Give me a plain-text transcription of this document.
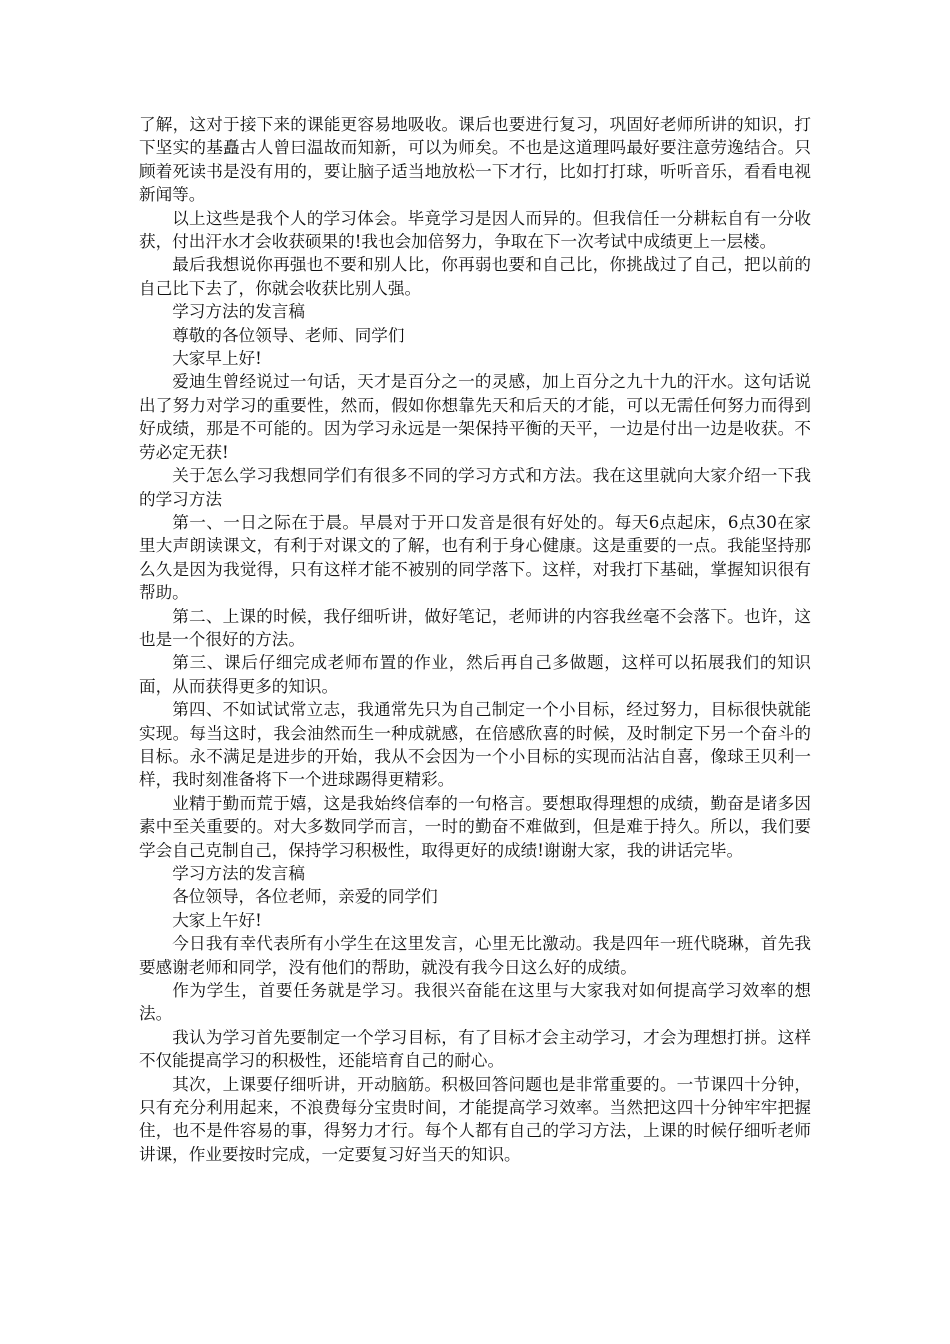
了解，这对于接下来的课能更容易地吸收。课后也要进行复习，巩固好老师所讲的知识，打下坚实的基矗古人曾曰温故而知新，可以为师矣。不也是这道理吗最好要注意劳逸结合。只顾着死读书是没有用的，要让脑子适当地放松一下才行，比如打打球，听听音乐，看看电视新闻等。

以上这些是我个人的学习体会。毕竟学习是因人而异的。但我信任一分耕耘自有一分收获，付出汗水才会收获硕果的!我也会加倍努力，争取在下一次考试中成绩更上一层楼。

最后我想说你再强也不要和别人比，你再弱也要和自己比，你挑战过了自己，把以前的自己比下去了，你就会收获比别人强。

学习方法的发言稿

尊敬的各位领导、老师、同学们

大家早上好!

爱迪生曾经说过一句话，天才是百分之一的灵感，加上百分之九十九的汗水。这句话说出了努力对学习的重要性，然而，假如你想靠先天和后天的才能，可以无需任何努力而得到好成绩，那是不可能的。因为学习永远是一架保持平衡的天平，一边是付出一边是收获。不劳必定无获!

关于怎么学习我想同学们有很多不同的学习方式和方法。我在这里就向大家介绍一下我的学习方法

第一、一日之际在于晨。早晨对于开口发音是很有好处的。每天6点起床，6点30在家里大声朗读课文，有利于对课文的了解，也有利于身心健康。这是重要的一点。我能坚持那么久是因为我觉得，只有这样才能不被别的同学落下。这样，对我打下基础，掌握知识很有帮助。

第二、上课的时候，我仔细听讲，做好笔记，老师讲的内容我丝毫不会落下。也许，这也是一个很好的方法。

第三、课后仔细完成老师布置的作业，然后再自己多做题，这样可以拓展我们的知识面，从而获得更多的知识。

第四、不如试试常立志，我通常先只为自己制定一个小目标，经过努力，目标很快就能实现。每当这时，我会油然而生一种成就感，在倍感欣喜的时候，及时制定下另一个奋斗的目标。永不满足是进步的开始，我从不会因为一个小目标的实现而沾沾自喜，像球王贝利一样，我时刻准备将下一个进球踢得更精彩。

业精于勤而荒于嬉，这是我始终信奉的一句格言。要想取得理想的成绩，勤奋是诸多因素中至关重要的。对大多数同学而言，一时的勤奋不难做到，但是难于持久。所以，我们要学会自己克制自己，保持学习积极性，取得更好的成绩!谢谢大家，我的讲话完毕。

学习方法的发言稿

各位领导，各位老师，亲爱的同学们

大家上午好!

今日我有幸代表所有小学生在这里发言，心里无比激动。我是四年一班代晓琳，首先我要感谢老师和同学，没有他们的帮助，就没有我今日这么好的成绩。

作为学生，首要任务就是学习。我很兴奋能在这里与大家我对如何提高学习效率的想法。

我认为学习首先要制定一个学习目标，有了目标才会主动学习，才会为理想打拼。这样不仅能提高学习的积极性，还能培育自己的耐心。

其次，上课要仔细听讲，开动脑筋。积极回答问题也是非常重要的。一节课四十分钟，只有充分利用起来，不浪费每分宝贵时间，才能提高学习效率。当然把这四十分钟牢牢把握住，也不是件容易的事，得努力才行。每个人都有自己的学习方法，上课的时候仔细听老师讲课，作业要按时完成，一定要复习好当天的知识。
